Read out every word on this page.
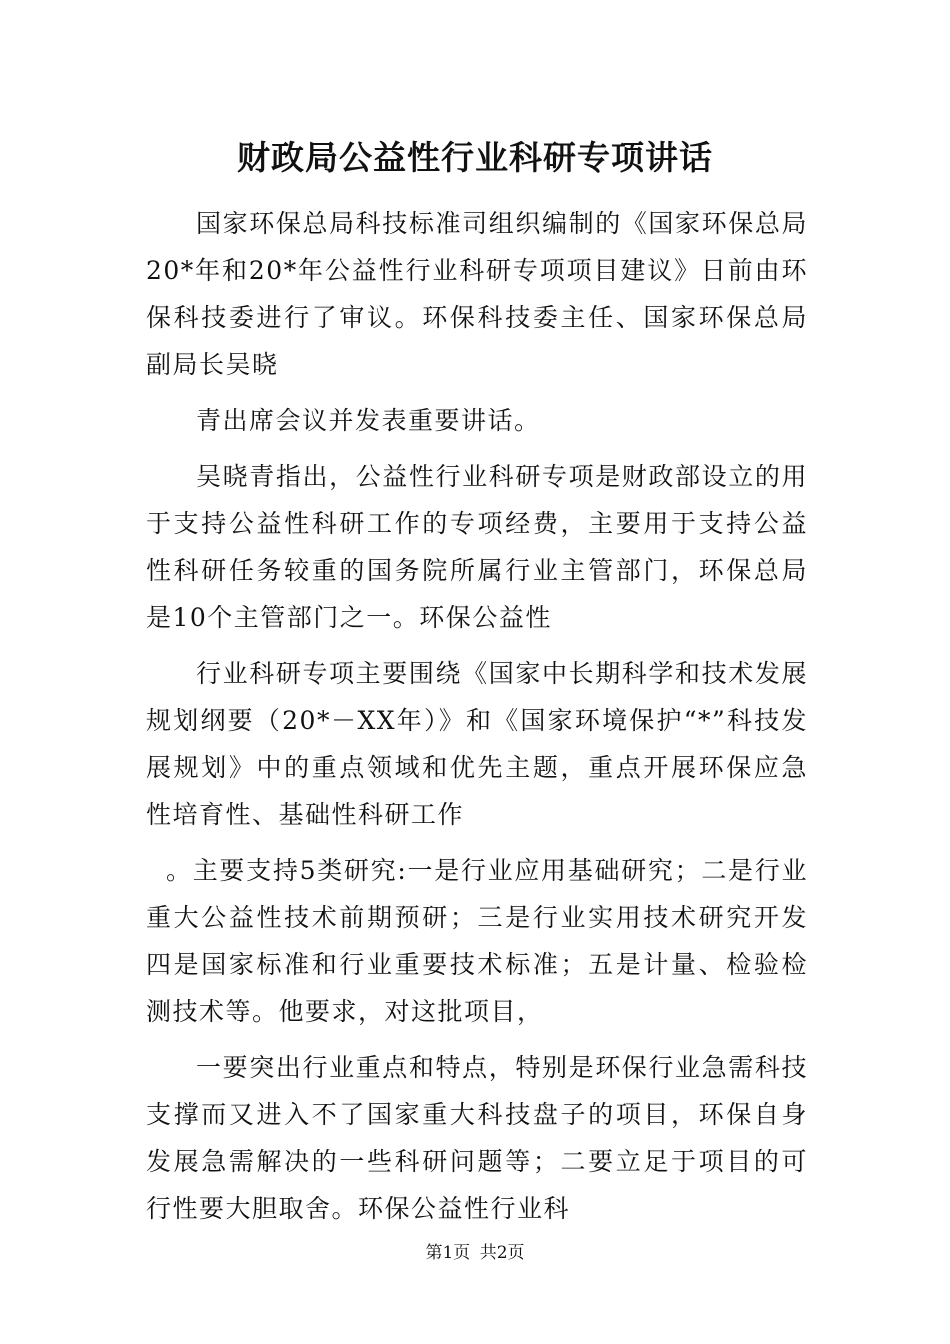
财政局公益性行业科研专项讲话

国家环保总局科技标准司组织编制的《国家环保总局20*年和20*年公益性行业科研专项项目建议》日前由环保科技委进行了审议。环保科技委主任、国家环保总局副局长吴晓

青出席会议并发表重要讲话。

吴晓青指出，公益性行业科研专项是财政部设立的用于支持公益性科研工作的专项经费，主要用于支持公益性科研任务较重的国务院所属行业主管部门，环保总局是10个主管部门之一。环保公益性

行业科研专项主要围绕《国家中长期科学和技术发展规划纲要（20*－XX年）》和《国家环境保护“*”科技发展规划》中的重点领域和优先主题，重点开展环保应急性培育性、基础性科研工作

。主要支持5类研究:一是行业应用基础研究；二是行业重大公益性技术前期预研；三是行业实用技术研究开发四是国家标准和行业重要技术标准；五是计量、检验检测技术等。他要求，对这批项目，

一要突出行业重点和特点，特别是环保行业急需科技支撑而又进入不了国家重大科技盘子的项目，环保自身发展急需解决的一些科研问题等；二要立足于项目的可行性要大胆取舍。环保公益性行业科

第1页 共2页
